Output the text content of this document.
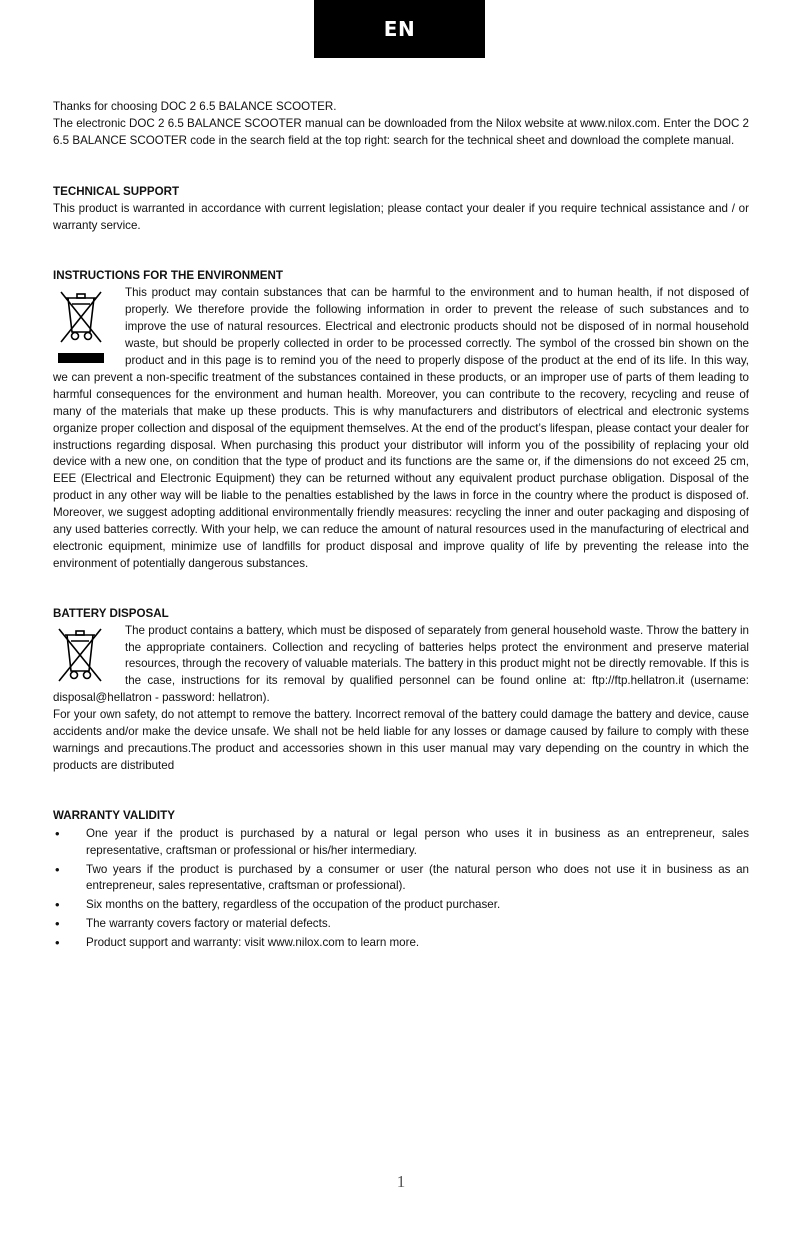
EN

Thanks for choosing DOC 2 6.5 BALANCE SCOOTER.

The electronic DOC 2 6.5 BALANCE SCOOTER manual can be downloaded from the Nilox website at www.nilox.com. Enter the DOC 2 6.5 BALANCE SCOOTER code in the search field at the top right: search for the technical sheet and download the complete manual.

TECHNICAL SUPPORT

This product is warranted in accordance with current legislation; please contact your dealer if you require technical assistance and / or warranty service.

INSTRUCTIONS FOR THE ENVIRONMENT

This product may contain substances that can be harmful to the environment and to human health, if not disposed of properly. We therefore provide the following information in order to prevent the release of such substances and to improve the use of natural resources. Electrical and electronic products should not be disposed of in normal household waste, but should be properly collected in order to be processed correctly. The symbol of the crossed bin shown on the product and in this page is to remind you of the need to properly dispose of the product at the end of its life. In this way, we can prevent a non-specific treatment of the substances contained in these products, or an improper use of parts of them leading to harmful consequences for the environment and human health. Moreover, you can contribute to the recovery, recycling and reuse of many of the materials that make up these products. This is why manufacturers and distributors of electrical and electronic systems organize proper collection and disposal of the equipment themselves. At the end of the product’s lifespan, please contact your dealer for instructions regarding disposal. When purchasing this product your distributor will inform you of the possibility of replacing your old device with a new one, on condition that the type of product and its functions are the same or, if the dimensions do not exceed 25 cm, EEE (Electrical and Electronic Equipment) they can be returned without any equivalent product purchase obligation. Disposal of the product in any other way will be liable to the penalties established by the laws in force in the country where the product is disposed of. Moreover, we suggest adopting additional environmentally friendly measures: recycling the inner and outer packaging and disposing of any used batteries correctly. With your help, we can reduce the amount of natural resources used in the manufacturing of electrical and electronic equipment, minimize use of landfills for product disposal and improve quality of life by preventing the release into the environment of potentially dangerous substances.

BATTERY DISPOSAL

The product contains a battery, which must be disposed of separately from general household waste. Throw the battery in the appropriate containers. Collection and recycling of batteries helps protect the environment and preserve material resources, through the recovery of valuable materials. The battery in this product might not be directly removable. If this is the case, instructions for its removal by qualified personnel can be found online at: ftp://ftp.hellatron.it (username: disposal@hellatron - password: hellatron).

For your own safety, do not attempt to remove the battery. Incorrect removal of the battery could damage the battery and device, cause accidents and/or make the device unsafe. We shall not be held liable for any losses or damage caused by failure to comply with these warnings and precautions.The product and accessories shown in this user manual may vary depending on the country in which the products are distributed

WARRANTY VALIDITY

• One year if the product is purchased by a natural or legal person who uses it in business as an entrepreneur, sales representative, craftsman or professional or his/her intermediary.
• Two years if the product is purchased by a consumer or user (the natural person who does not use it in business as an entrepreneur, sales representative, craftsman or professional).
• Six months on the battery, regardless of the occupation of the product purchaser.
• The warranty covers factory or material defects.
• Product support and warranty: visit www.nilox.com to learn more.
1
